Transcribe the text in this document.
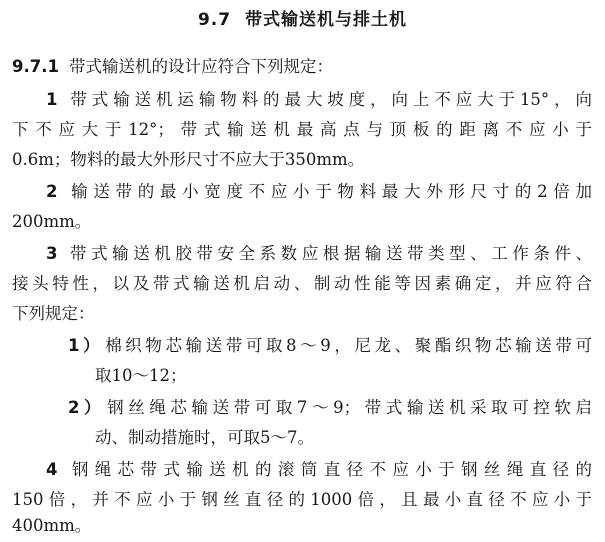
9.7 带式输送机与排土机
9.7.1 带式输送机的设计应符合下列规定：
1 带式输送机运输物料的最大坡度，向上不应大于15°，向
下不应大于12°；带式输送机最高点与顶板的距离不应小于
0.6m；物料的最大外形尺寸不应大于350mm。
2 输送带的最小宽度不应小于物料最大外形尺寸的2倍加
200mm。
3 带式输送机胶带安全系数应根据输送带类型、工作条件、
接头特性，以及带式输送机启动、制动性能等因素确定，并应符合
下列规定：
1） 棉织物芯输送带可取8～9，尼龙、聚酯织物芯输送带可
取10～12；
2） 钢丝绳芯输送带可取7～9；带式输送机采取可控软启
动、制动措施时，可取5～7。
4 钢绳芯带式输送机的滚筒直径不应小于钢丝绳直径的
150倍，并不应小于钢丝直径的1000倍，且最小直径不应小于
400mm。
